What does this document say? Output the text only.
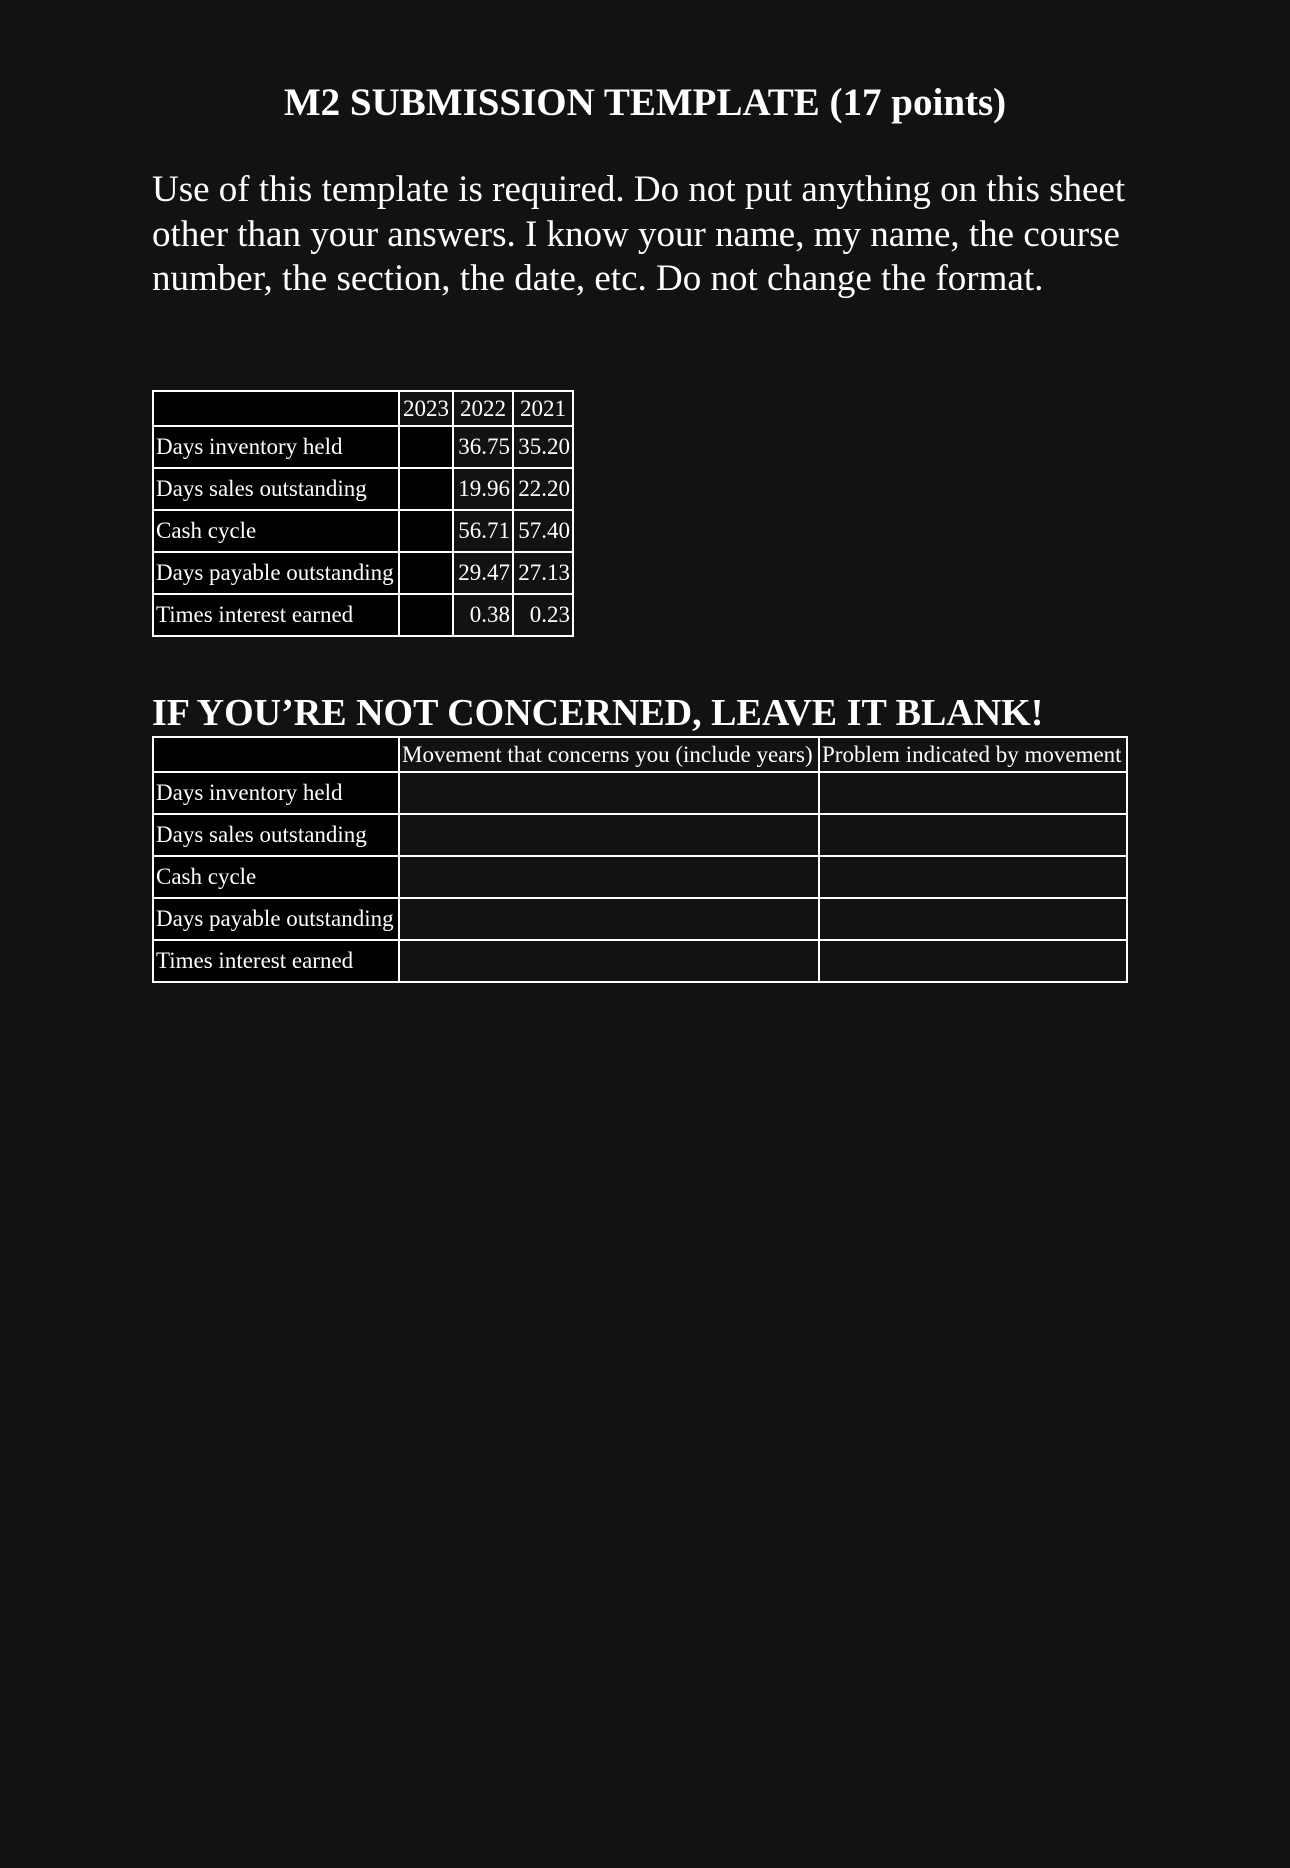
M2 SUBMISSION TEMPLATE (17 points)

Use of this template is required. Do not put anything on this sheet other than your answers. I know your name, my name, the course number, the section, the date, etc. Do not change the format.

	2023	2022	2021
Days inventory held		36.75	35.20
Days sales outstanding		19.96	22.20
Cash cycle		56.71	57.40
Days payable outstanding		29.47	27.13
Times interest earned		0.38	0.23
IF YOU’RE NOT CONCERNED, LEAVE IT BLANK!
	Movement that concerns you (include years)	Problem indicated by movement
Days inventory held		
Days sales outstanding		
Cash cycle		
Days payable outstanding		
Times interest earned		
